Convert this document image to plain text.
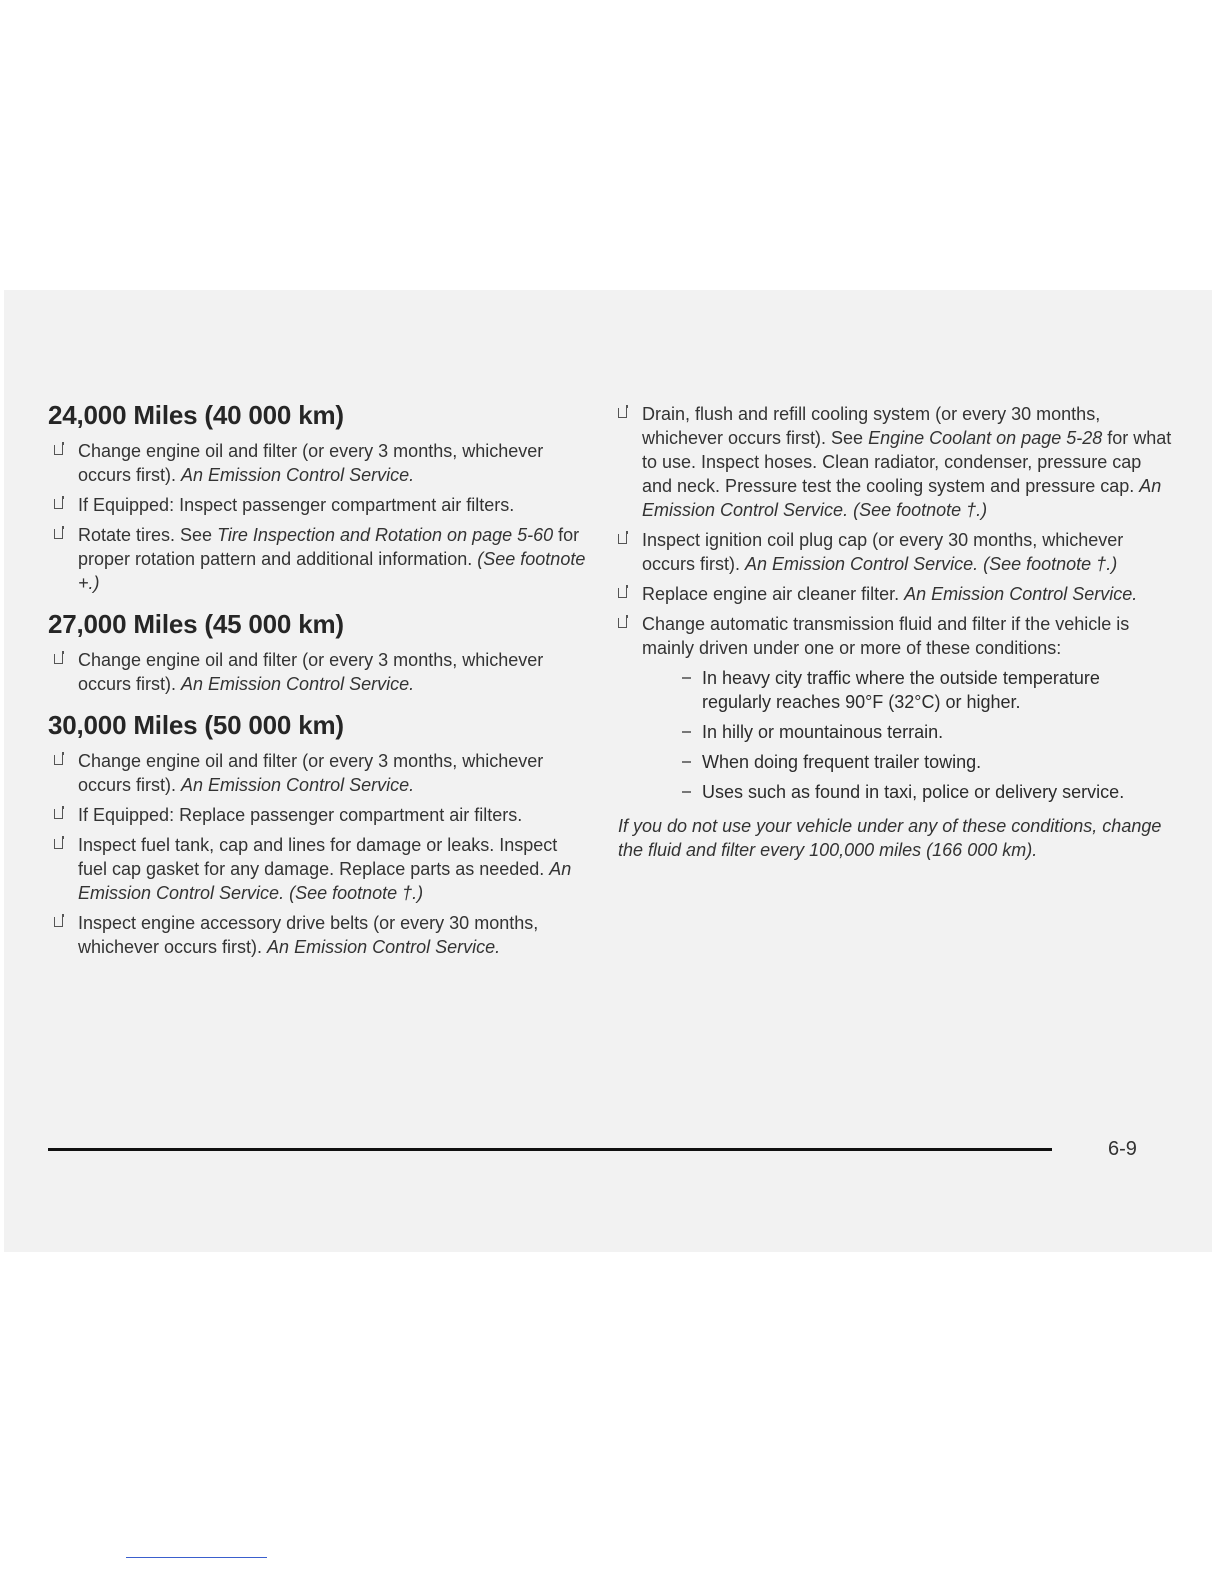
24,000 Miles (40 000 km)
Change engine oil and filter (or every 3 months, whichever occurs first). An Emission Control Service.
If Equipped: Inspect passenger compartment air filters.
Rotate tires. See Tire Inspection and Rotation on page 5-60 for proper rotation pattern and additional information. (See footnote +.)
27,000 Miles (45 000 km)
Change engine oil and filter (or every 3 months, whichever occurs first). An Emission Control Service.
30,000 Miles (50 000 km)
Change engine oil and filter (or every 3 months, whichever occurs first). An Emission Control Service.
If Equipped: Replace passenger compartment air filters.
Inspect fuel tank, cap and lines for damage or leaks. Inspect fuel cap gasket for any damage. Replace parts as needed. An Emission Control Service. (See footnote †.)
Inspect engine accessory drive belts (or every 30 months, whichever occurs first). An Emission Control Service.
Drain, flush and refill cooling system (or every 30 months, whichever occurs first). See Engine Coolant on page 5-28 for what to use. Inspect hoses. Clean radiator, condenser, pressure cap and neck. Pressure test the cooling system and pressure cap. An Emission Control Service. (See footnote †.)
Inspect ignition coil plug cap (or every 30 months, whichever occurs first). An Emission Control Service. (See footnote †.)
Replace engine air cleaner filter. An Emission Control Service.
Change automatic transmission fluid and filter if the vehicle is mainly driven under one or more of these conditions:
In heavy city traffic where the outside temperature regularly reaches 90°F (32°C) or higher.
In hilly or mountainous terrain.
When doing frequent trailer towing.
Uses such as found in taxi, police or delivery service.

If you do not use your vehicle under any of these conditions, change the fluid and filter every 100,000 miles (166 000 km).

6-9
